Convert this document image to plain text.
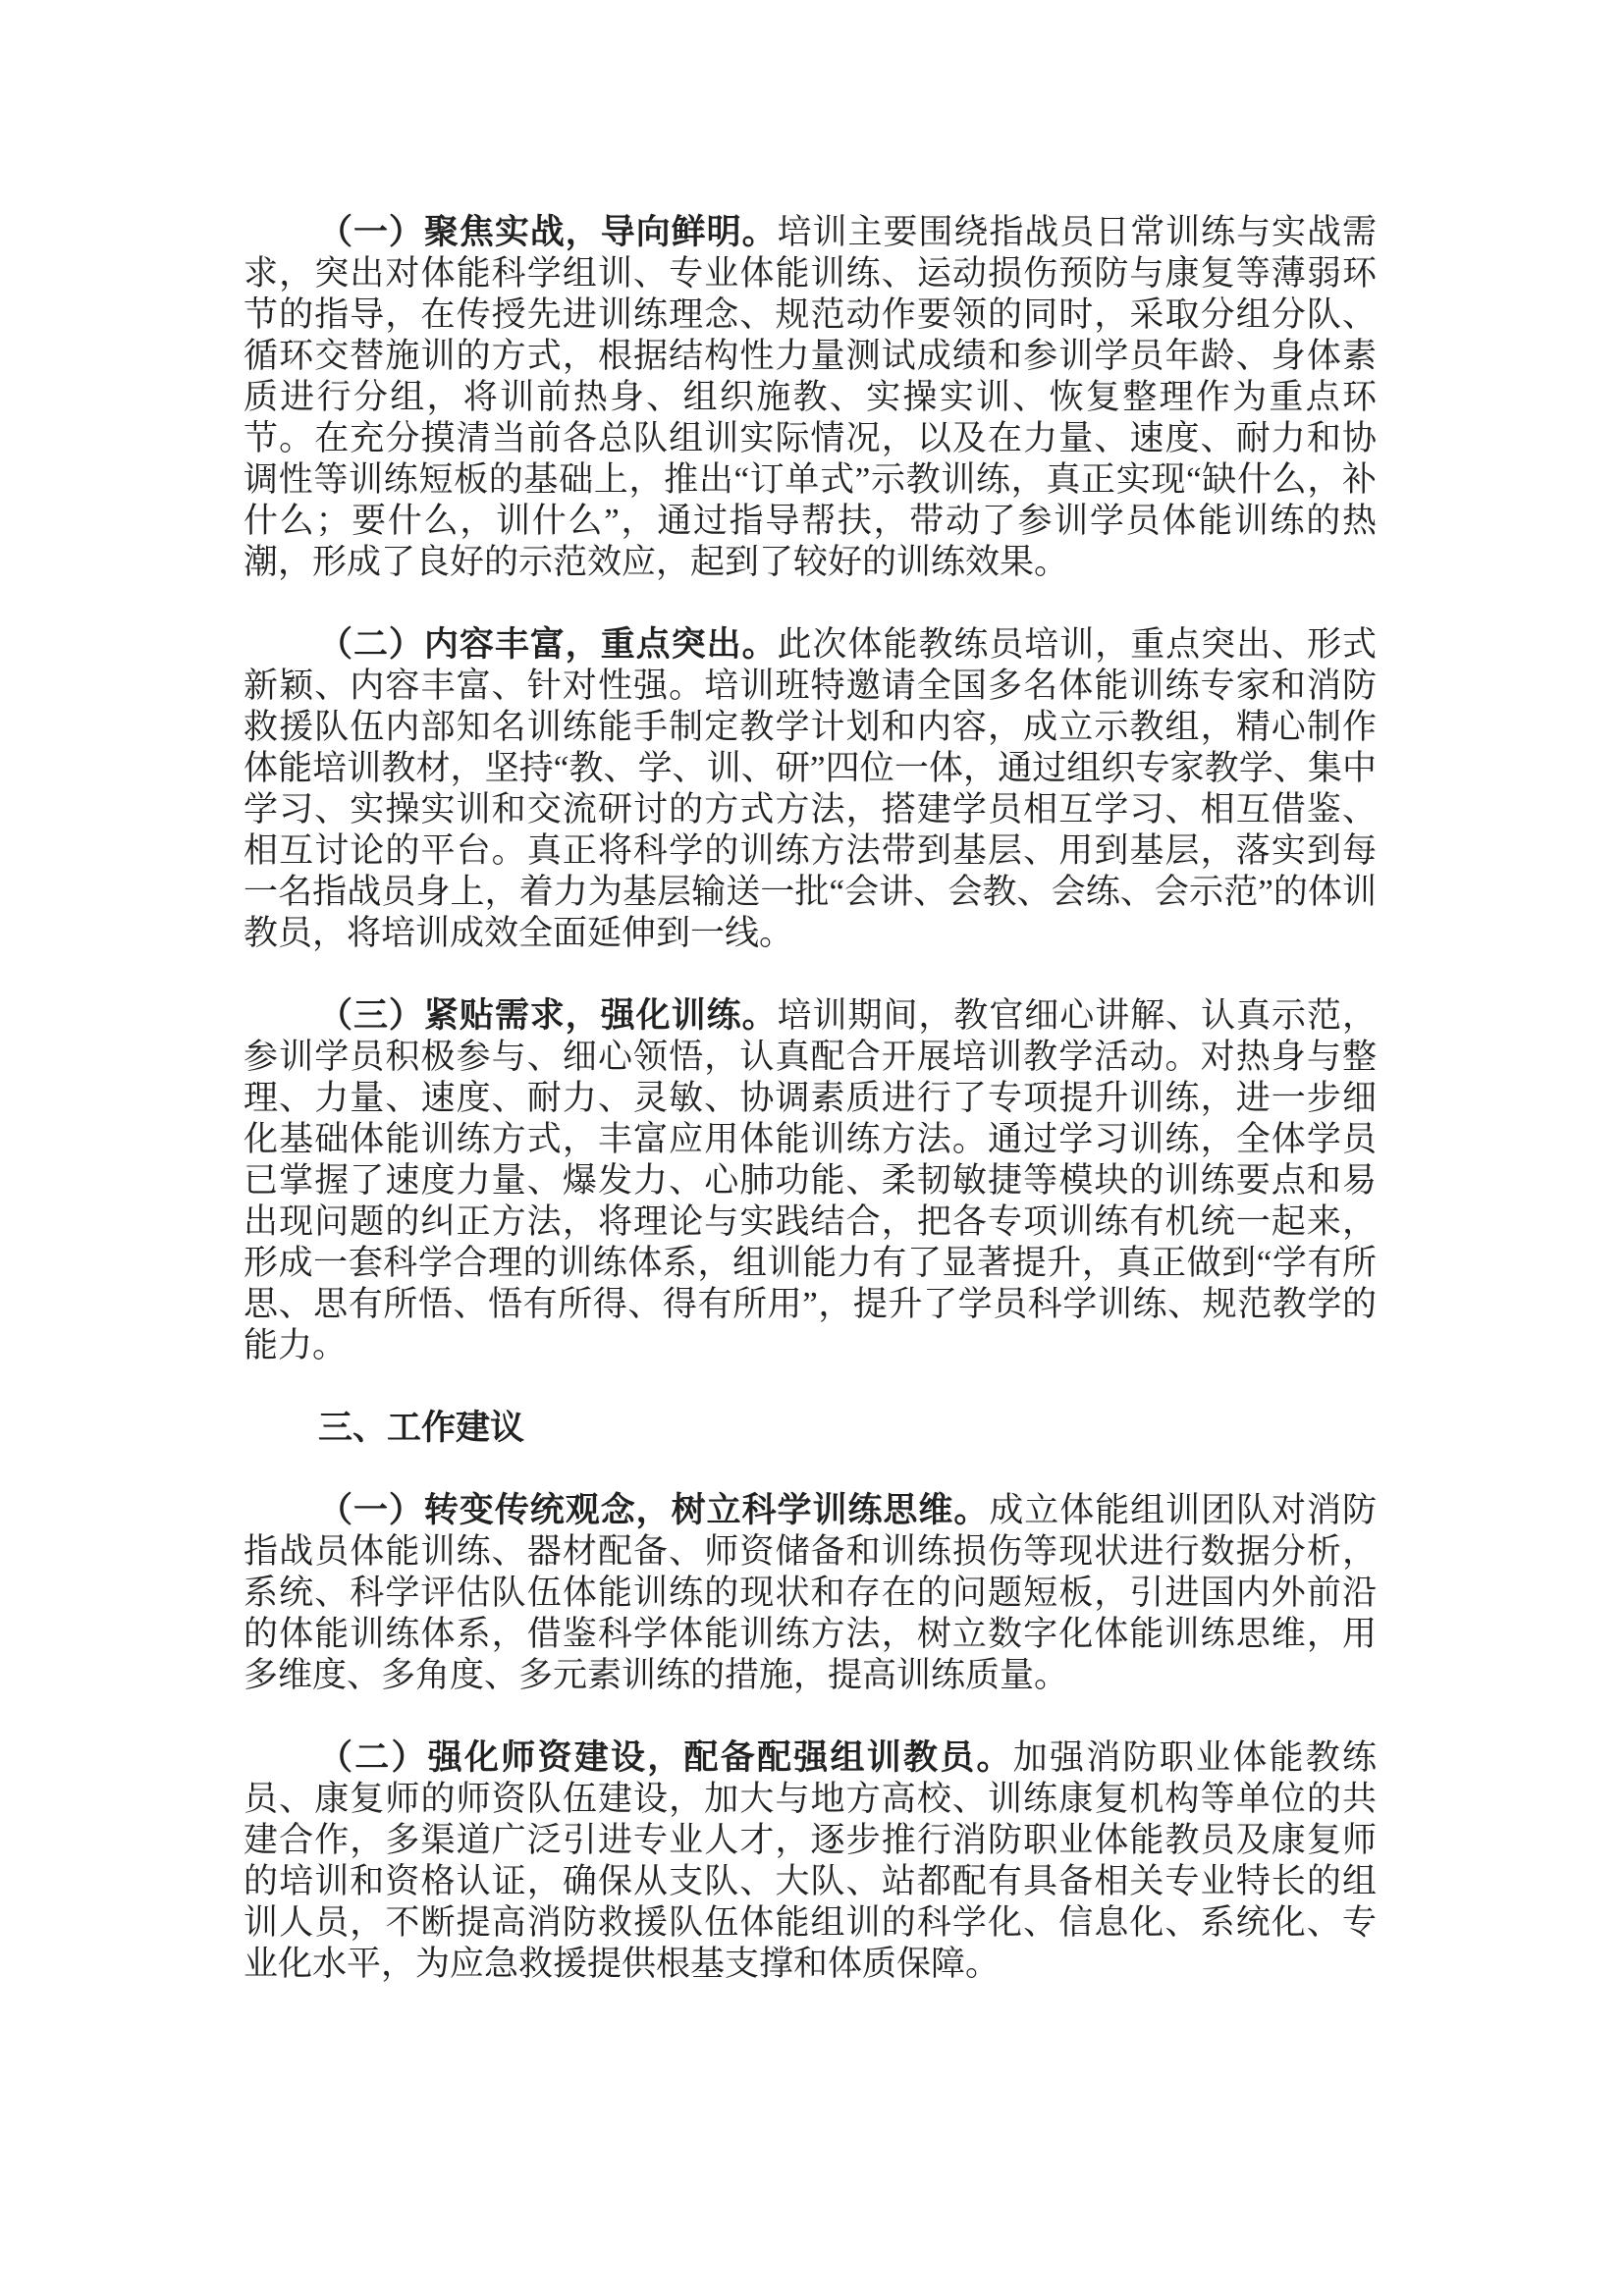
（一）聚焦实战，导向鲜明。培训主要围绕指战员日常训练与实战需求，突出对体能科学组训、专业体能训练、运动损伤预防与康复等薄弱环节的指导，在传授先进训练理念、规范动作要领的同时，采取分组分队、循环交替施训的方式，根据结构性力量测试成绩和参训学员年龄、身体素质进行分组，将训前热身、组织施教、实操实训、恢复整理作为重点环节。在充分摸清当前各总队组训实际情况，以及在力量、速度、耐力和协调性等训练短板的基础上，推出“订单式”示教训练，真正实现“缺什么，补什么；要什么，训什么”，通过指导帮扶，带动了参训学员体能训练的热潮，形成了良好的示范效应，起到了较好的训练效果。

（二）内容丰富，重点突出。此次体能教练员培训，重点突出、形式新颖、内容丰富、针对性强。培训班特邀请全国多名体能训练专家和消防救援队伍内部知名训练能手制定教学计划和内容，成立示教组，精心制作体能培训教材，坚持“教、学、训、研”四位一体，通过组织专家教学、集中学习、实操实训和交流研讨的方式方法，搭建学员相互学习、相互借鉴、相互讨论的平台。真正将科学的训练方法带到基层、用到基层，落实到每一名指战员身上，着力为基层输送一批“会讲、会教、会练、会示范”的体训教员，将培训成效全面延伸到一线。

（三）紧贴需求，强化训练。培训期间，教官细心讲解、认真示范，参训学员积极参与、细心领悟，认真配合开展培训教学活动。对热身与整理、力量、速度、耐力、灵敏、协调素质进行了专项提升训练，进一步细化基础体能训练方式，丰富应用体能训练方法。通过学习训练，全体学员已掌握了速度力量、爆发力、心肺功能、柔韧敏捷等模块的训练要点和易出现问题的纠正方法，将理论与实践结合，把各专项训练有机统一起来，形成一套科学合理的训练体系，组训能力有了显著提升，真正做到“学有所思、思有所悟、悟有所得、得有所用”，提升了学员科学训练、规范教学的能力。

三、工作建议

（一）转变传统观念，树立科学训练思维。成立体能组训团队对消防指战员体能训练、器材配备、师资储备和训练损伤等现状进行数据分析，系统、科学评估队伍体能训练的现状和存在的问题短板，引进国内外前沿的体能训练体系，借鉴科学体能训练方法，树立数字化体能训练思维，用多维度、多角度、多元素训练的措施，提高训练质量。

（二）强化师资建设，配备配强组训教员。加强消防职业体能教练员、康复师的师资队伍建设，加大与地方高校、训练康复机构等单位的共建合作，多渠道广泛引进专业人才，逐步推行消防职业体能教员及康复师的培训和资格认证，确保从支队、大队、站都配有具备相关专业特长的组训人员，不断提高消防救援队伍体能组训的科学化、信息化、系统化、专业化水平，为应急救援提供根基支撑和体质保障。
